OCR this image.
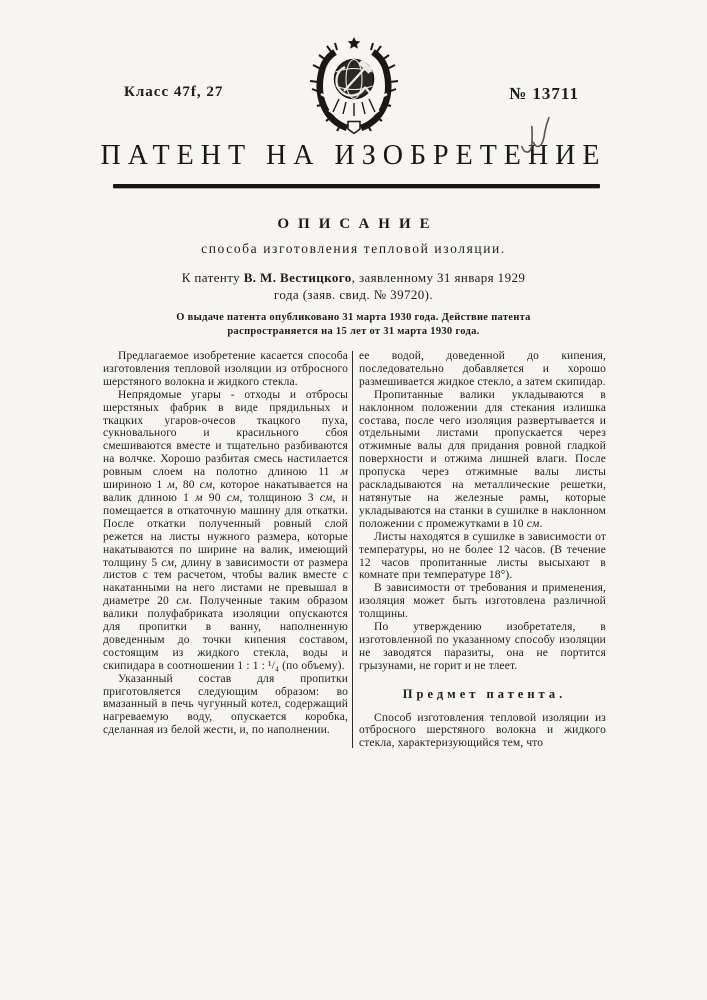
Класс 47f, 27	№ 13711
ПАТЕНТ НА ИЗОБРЕТЕНИЕ
ОПИСАНИЕ
способа изготовления тепловой изоляции.
К патенту В. М. Вестицкого, заявленному 31 января 1929 года (заяв. свид. № 39720).
О выдаче патента опубликовано 31 марта 1930 года. Действие патента распространяется на 15 лет от 31 марта 1930 года.

Предлагаемое изобретение касается способа изготовления тепловой изоляции из отбросного шерстяного волокна и жидкого стекла.

Непрядомые угары - отходы и отбросы шерстяных фабрик в виде прядильных и ткацких угаров-очесов ткацкого пуха, сукновального и красильного сбоя смешиваются вместе и тщательно разбиваются на волчке. Хорошо разбитая смесь настилается ровным слоем на полотно длиною 11 м шириною 1 м, 80 см, которое накатывается на валик длиною 1 м 90 см, толщиною 3 см, и помещается в откаточную машину для откатки. После откатки полученный ровный слой режется на листы нужного размера, которые накатываются по ширине на валик, имеющий толщину 5 см, длину в зависимости от размера листов с тем расчетом, чтобы валик вместе с накатанными на него листами не превышал в диаметре 20 см. Полученные таким образом валики полуфабриката изоляции опускаются для пропитки в ванну, наполненную доведенным до точки кипения составом, состоящим из жидкого стекла, воды и скипидара в соотношении 1 : 1 : ¹/₄ (по объему).

Указанный состав для пропитки приготовляется следующим образом: во вмазанный в печь чугунный котел, содержащий нагреваемую воду, опускается коробка, сделанная из белой жести, и, по наполнении.

ее водой, доведенной до кипения, последовательно добавляется и хорошо размешивается жидкое стекло, а затем скипидар.

Пропитанные валики укладываются в наклонном положении для стекания излишка состава, после чего изоляция развертывается и отдельными листами пропускается через отжимные валы для придания ровной гладкой поверхности и отжима лишней влаги. После пропуска через отжимные валы листы раскладываются на металлические решетки, натянутые на железные рамы, которые укладываются на станки в сушилке в наклонном положении с промежутками в 10 см.

Листы находятся в сушилке в зависимости от температуры, но не более 12 часов. (В течение 12 часов пропитанные листы высыхают в комнате при температуре 18°).

В зависимости от требования и применения, изоляция может быть изготовлена различной толщины.

По утверждению изобретателя, в изготовленной по указанному способу изоляции не заводятся паразиты, она не портится грызунами, не горит и не тлеет.

Предмет патента.

Способ изготовления тепловой изоляции из отбросного шерстяного волокна и жидкого стекла, характеризующийся тем, что
